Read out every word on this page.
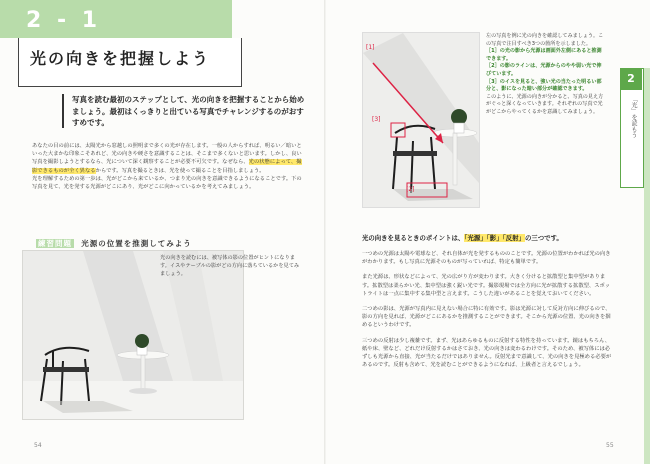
2 - 1
光の向きを把握しよう
写真を読む最初のステップとして、光の向きを把握することから始めましょう。最初はくっきりと出ている写真でチャレンジするのがおすすめです。

あなたの目の前には、太陽光から窓越しの照明まで多くの光が存在します。一般の人からすれば、明るい／暗いといった大まかな印象こそあれど、光の向きや硬さを意識することは、そこまで多くないと思います。しかし、良い写真を撮影しようとするなら、光について深く観察することが必要不可欠です。なぜなら、光の状態によって、撮影できるものが全く異なるからです。写真を撮るときは、光を使って撮ることを目指しましょう。

光を理解するための第一歩は、光がどこから来ているか、つまり光の向きを意識できるようになることです。下の写真を見て、光を発する光源がどこにあり、光がどこに向かっているかを考えてみましょう。

練習問題 光源の位置を推測してみよう
光の向きを読むには、被写体の影の位置がヒントになります。イスやテーブルの影がどの方向に落ちているかを見てみましょう。
54
[1]
[2]
[3]
左の写真を例に光の向きを確認してみましょう。この写真で注目すべき3つの箇所を示しました。
［1］の光の影から光源は画面外左側にあると推測できます。
［2］の影のラインは、光源からのやや弱い光で伸びています。
［3］のイスを見ると、強い光の当たった明るい部分と、影になった暗い部分が確認できます。
このように、光源の向きが分かると、写真の見え方がぐっと深くなっていきます。それぞれの写真で光がどこからやってくるかを意識してみましょう。
2
「光」を読もう
光の向きを見るときのポイントは、「光源」「影」「反射」の三つです。

一つめの光源は太陽や電球など、それ自体が光を発するもののことです。光源の位置がわかれば光の向きがわかります。もし写真に光源そのものが写っていれば、特定も簡単です。

また光源は、形状などによって、光の広がり方が変わります。大きく分けると拡散型と集中型があります。拡散型は柔らかい光、集中型は強く鋭い光です。撮影現場では全方向に光が拡散する拡散型、スポットライトは一点に集中する集中型と言えます。こうした違いがあることを覚えておいてください。

二つめの影は、光源が写真内に見えない場合に特に有効です。影は光源に対して反対方向に伸びるので、影の方向を見れば、光源がどこにあるかを推測することができます。そこから光源の位置、光の向きを掴めるというわけです。

三つめの反射は少し複雑です。まず、光はあらゆるものに反射する特性を持っています。鏡はもちろん、紙や床、壁など、どれだけ反射するかはさておき、光の向きは変わるわけです。そのため、被写体には必ずしも光源から直接、光が当たるだけではありません。反射光まで意識して、光の向きを見極める必要があるのです。反射も含めて、光を読むことができるようになれば、上級者と言えるでしょう。

55
